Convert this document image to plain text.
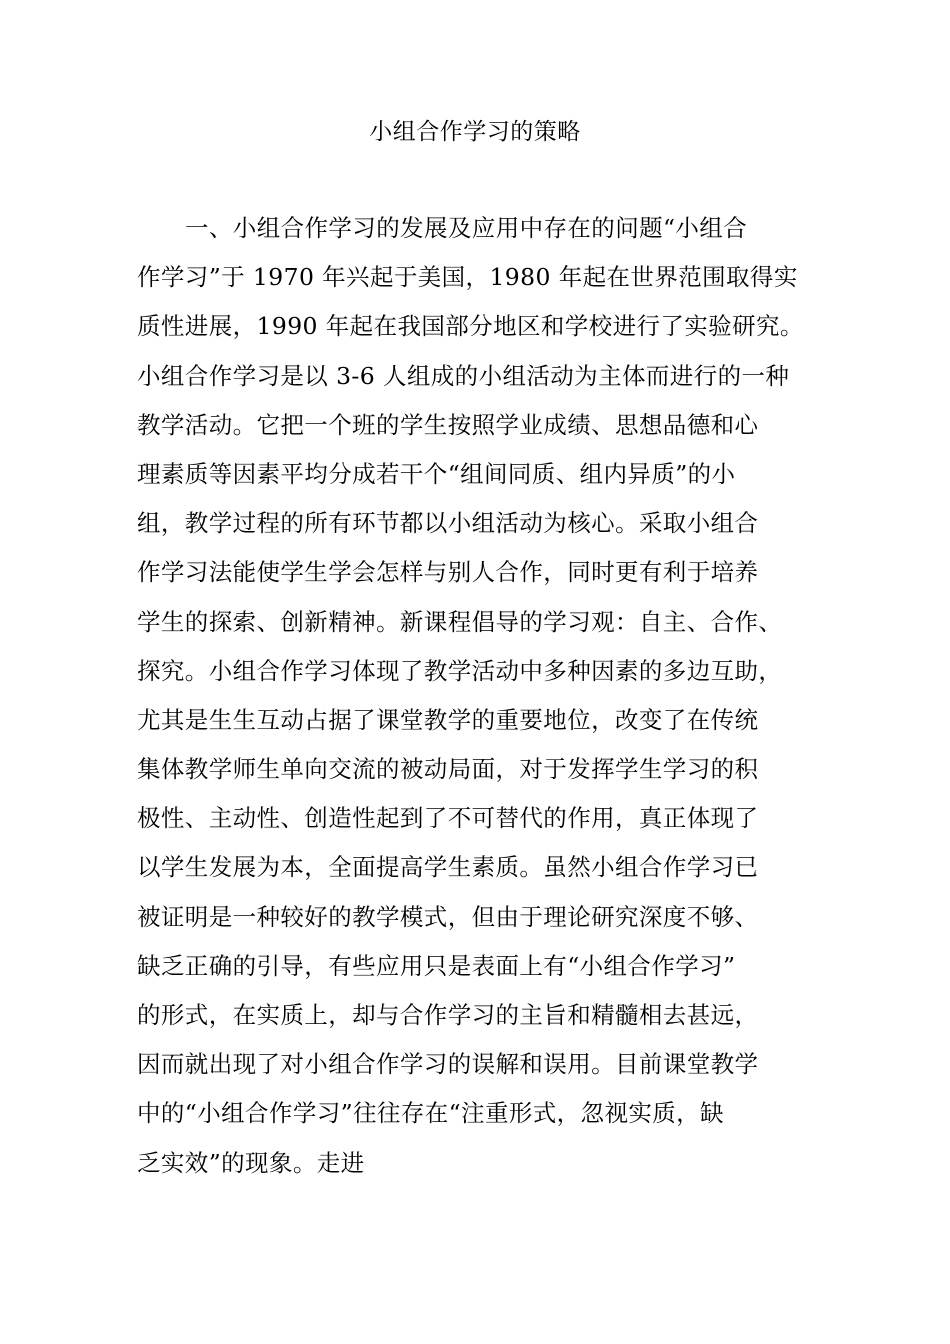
小组合作学习的策略
一、小组合作学习的发展及应用中存在的问题“小组合
作学习”于 1970 年兴起于美国，1980 年起在世界范围取得实
质性进展，1990 年起在我国部分地区和学校进行了实验研究。
小组合作学习是以 3-6 人组成的小组活动为主体而进行的一种
教学活动。它把一个班的学生按照学业成绩、思想品德和心
理素质等因素平均分成若干个“组间同质、组内异质”的小
组，教学过程的所有环节都以小组活动为核心。采取小组合
作学习法能使学生学会怎样与别人合作，同时更有利于培养
学生的探索、创新精神。新课程倡导的学习观：自主、合作、
探究。小组合作学习体现了教学活动中多种因素的多边互助，
尤其是生生互动占据了课堂教学的重要地位，改变了在传统
集体教学师生单向交流的被动局面，对于发挥学生学习的积
极性、主动性、创造性起到了不可替代的作用，真正体现了
以学生发展为本，全面提高学生素质。虽然小组合作学习已
被证明是一种较好的教学模式，但由于理论研究深度不够、
缺乏正确的引导，有些应用只是表面上有“小组合作学习”
的形式，在实质上，却与合作学习的主旨和精髓相去甚远，
因而就出现了对小组合作学习的误解和误用。目前课堂教学
中的“小组合作学习”往往存在“注重形式，忽视实质，缺
乏实效”的现象。走进
